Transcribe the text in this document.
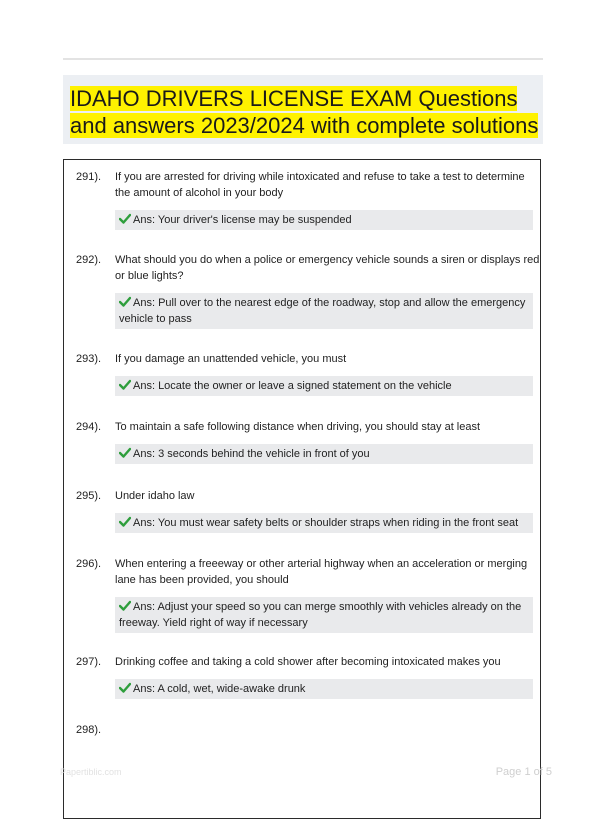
IDAHO DRIVERS LICENSE EXAM Questions and answers 2023/2024 with complete solutions
291). If you are arrested for driving while intoxicated and refuse to take a test to determine the amount of alcohol in your body
Ans: Your driver's license may be suspended
292). What should you do when a police or emergency vehicle sounds a siren or displays red or blue lights?
Ans: Pull over to the nearest edge of the roadway, stop and allow the emergency vehicle to pass
293). If you damage an unattended vehicle, you must
Ans: Locate the owner or leave a signed statement on the vehicle
294). To maintain a safe following distance when driving, you should stay at least
Ans: 3 seconds behind the vehicle in front of you
295). Under idaho law
Ans: You must wear safety belts or shoulder straps when riding in the front seat
296). When entering a freeeway or other arterial highway when an acceleration or merging lane has been provided, you should
Ans: Adjust your speed so you can merge smoothly with vehicles already on the freeway. Yield right of way if necessary
297). Drinking coffee and taking a cold shower after becoming intoxicated makes you
Ans: A cold, wet, wide-awake drunk
298).
Papertiblic.com	Page 1 of 5
